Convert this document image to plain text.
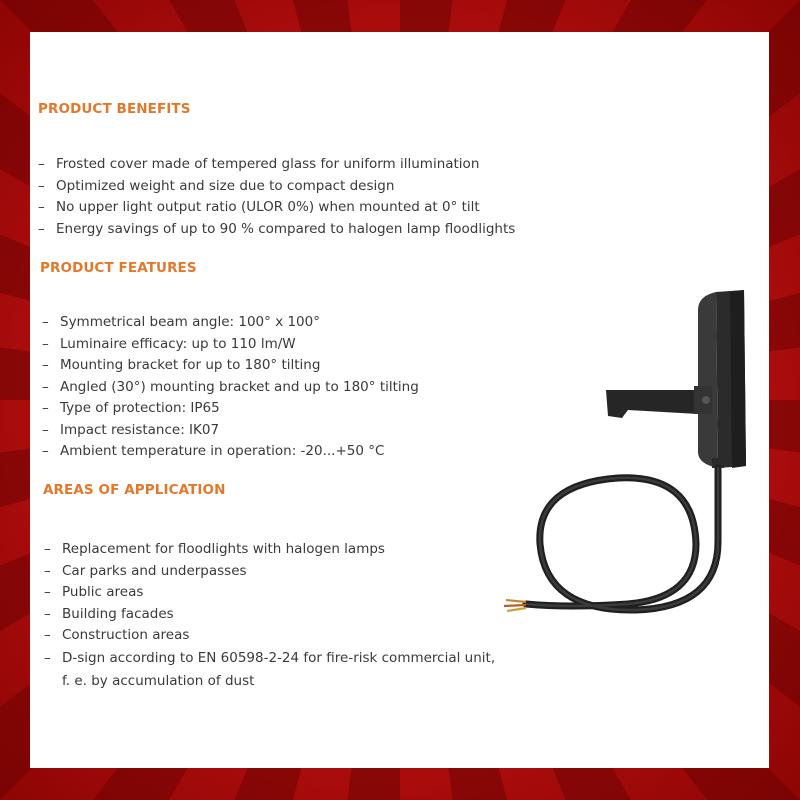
PRODUCT BENEFITS
– Frosted cover made of tempered glass for uniform illumination
– Optimized weight and size due to compact design
– No upper light output ratio (ULOR 0%) when mounted at 0° tilt
– Energy savings of up to 90 % compared to halogen lamp floodlights
PRODUCT FEATURES
– Symmetrical beam angle: 100° x 100°
– Luminaire efficacy: up to 110 lm/W
– Mounting bracket for up to 180° tilting
– Angled (30°) mounting bracket and up to 180° tilting
– Type of protection: IP65
– Impact resistance: IK07
– Ambient temperature in operation: -20...+50 °C
AREAS OF APPLICATION
– Replacement for floodlights with halogen lamps
– Car parks and underpasses
– Public areas
– Building facades
– Construction areas
– D-sign according to EN 60598-2-24 for fire-risk commercial unit, f. e. by accumulation of dust
